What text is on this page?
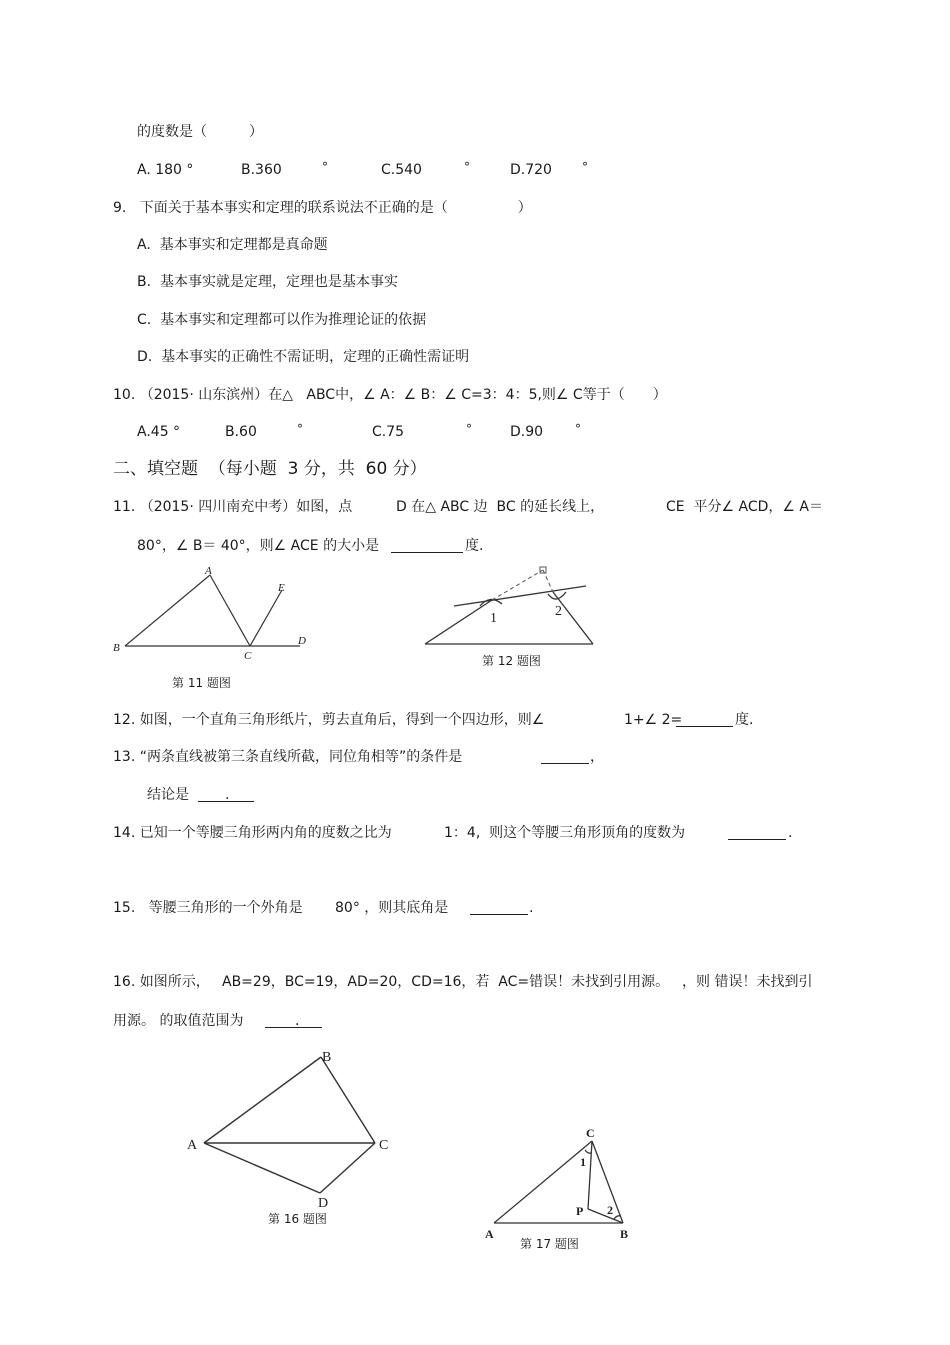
的度数是（　　　）
A. 180 °	B.360	°	C.540	°	D.720	°
9.   下面关于基本事实和定理的联系说法不正确的是（　　　　　）
A.  基本事实和定理都是真命题
B.  基本事实就是定理，定理也是基本事实
C.  基本事实和定理都可以作为推理论证的依据
D.  基本事实的正确性不需证明，定理的正确性需证明
10. （2015· 山东滨州）在△   ABC中，∠ A：∠ B：∠ C=3：4：5,则∠ C等于（　　）
A.45 °	B.60	°	C.75	°	D.90	°
二、填空题  （每小题  3 分，共  60 分）
11. （2015· 四川南充中考）如图，点	D 在△ ABC 边  BC 的延长线上，	CE  平分∠ ACD，∠ A＝
80°，∠ B＝ 40°，则∠ ACE 的大小是	度.
A
E
B
C
D
第 11 题图
1	2
第 12 题图
12. 如图，一个直角三角形纸片，剪去直角后，得到一个四边形，则∠	1+∠ 2=	度.
13. “两条直线被第三条直线所截，同位角相等”的条件是	，
结论是	.
14. 已知一个等腰三角形两内角的度数之比为	1：4,  则这个等腰三角形顶角的度数为	.
15.   等腰三角形的一个外角是 80° ，则其底角是	.
16. 如图所示， AB=29，BC=19，AD=20，CD=16，若  AC=错误！未找到引用源。 ，则 错误！未找到引
用源。 的取值范围为	.
B
A	C
D
第 16 题图
C
1
P 2
A	B
第 17 题图
